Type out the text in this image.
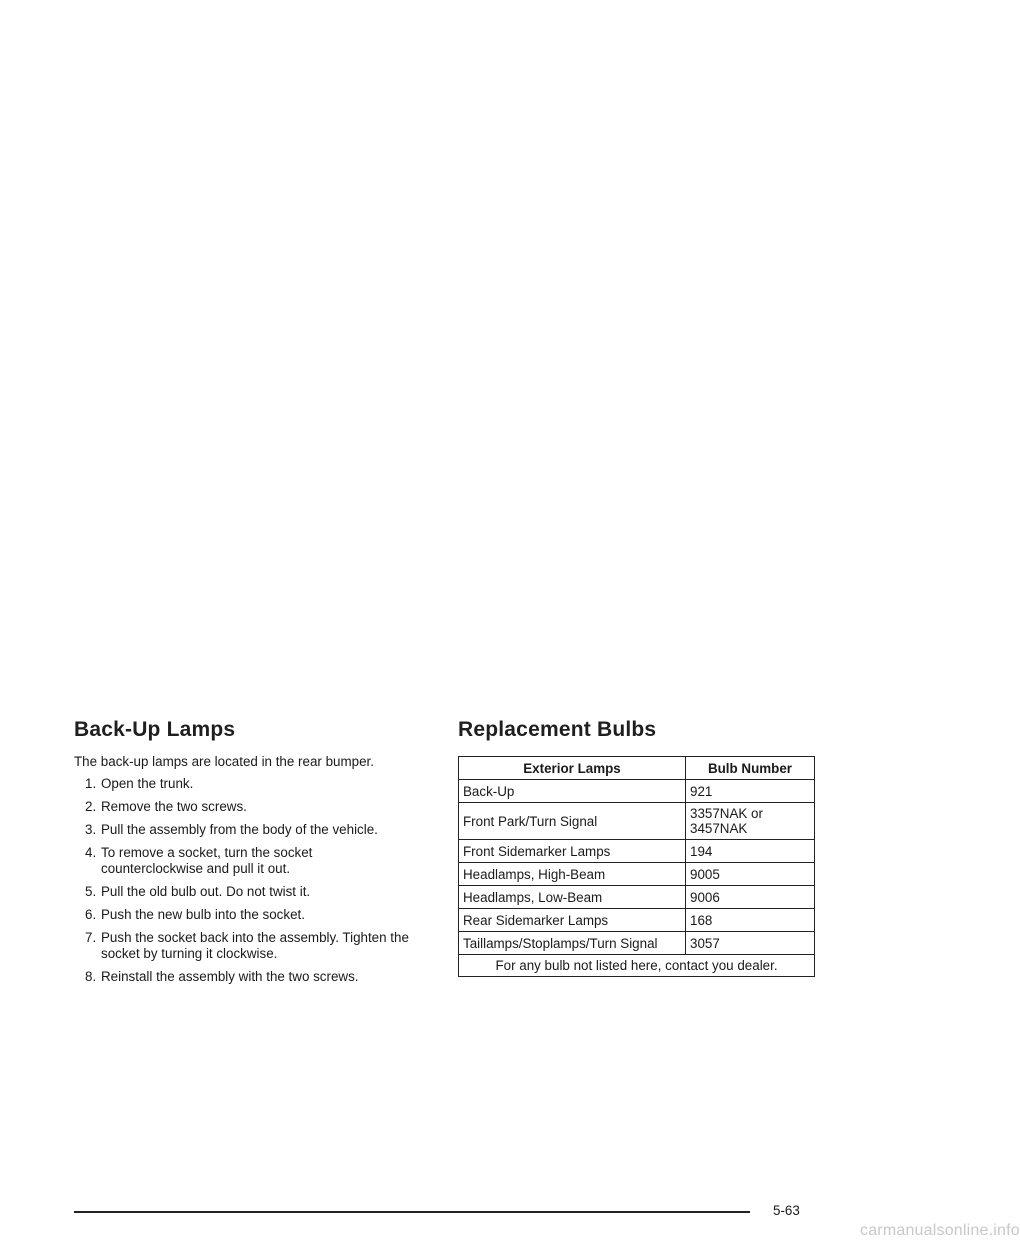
Back-Up Lamps

The back-up lamps are located in the rear bumper.

1. Open the trunk.
2. Remove the two screws.
3. Pull the assembly from the body of the vehicle.
4. To remove a socket, turn the socket counterclockwise and pull it out.
5. Pull the old bulb out. Do not twist it.
6. Push the new bulb into the socket.
7. Push the socket back into the assembly. Tighten the socket by turning it clockwise.
8. Reinstall the assembly with the two screws.
Replacement Bulbs
Exterior Lamps	Bulb Number
Back-Up	921
Front Park/Turn Signal	3357NAK or 3457NAK
Front Sidemarker Lamps	194
Headlamps, High-Beam	9005
Headlamps, Low-Beam	9006
Rear Sidemarker Lamps	168
Taillamps/Stoplamps/Turn Signal	3057
For any bulb not listed here, contact you dealer.	
5-63
carmanualsonline.info
